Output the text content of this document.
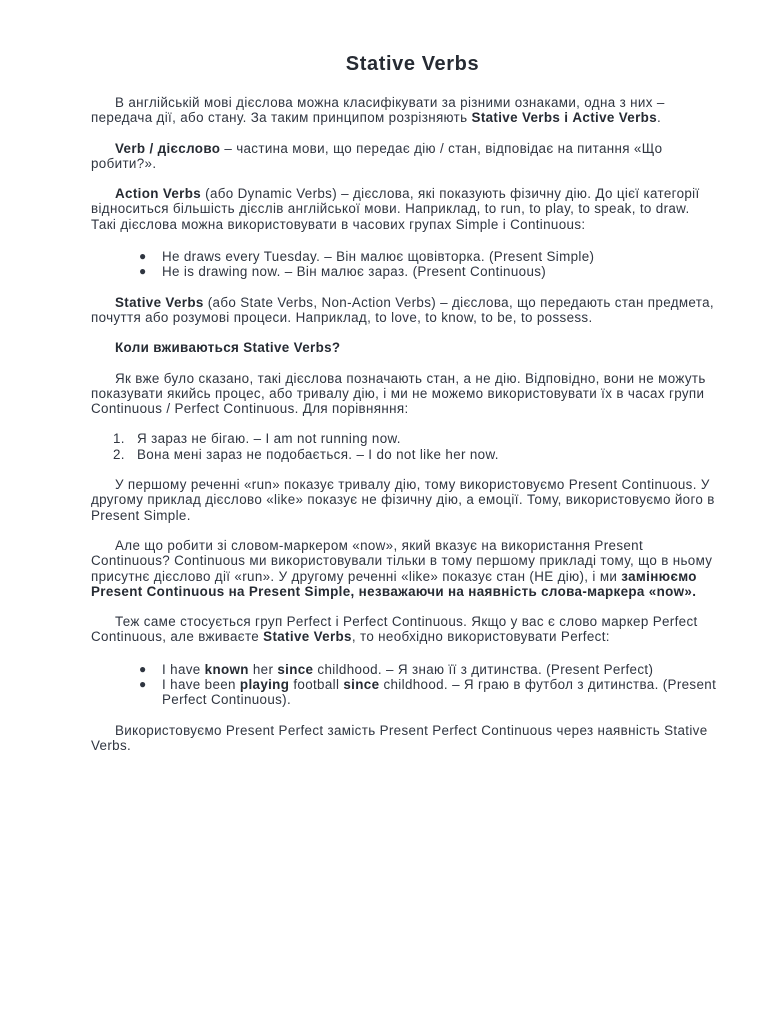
Stative Verbs

В англійській мові дієслова можна класифікувати за різними ознаками, одна з них – передача дії, або стану. За таким принципом розрізняють Stative Verbs і Active Verbs.

Verb / дієслово – частина мови, що передає дію / стан, відповідає на питання «Що робити?».

Action Verbs (або Dynamic Verbs) – дієслова, які показують фізичну дію. До цієї категорії відноситься більшість дієслів англійської мови. Наприклад, to run, to play, to speak, to draw. Такі дієслова можна використовувати в часових групах Simple і Continuous:

● He draws every Tuesday. – Він малює щовівторка. (Present Simple)
● He is drawing now. – Він малює зараз. (Present Continuous)

Stative Verbs (або State Verbs, Non-Action Verbs) – дієслова, що передають стан предмета, почуття або розумові процеси. Наприклад, to love, to know, to be, to possess.

Коли вживаються Stative Verbs?

Як вже було сказано, такі дієслова позначають стан, а не дію. Відповідно, вони не можуть показувати якийсь процес, або тривалу дію, і ми не можемо використовувати їх в часах групи Continuous / Perfect Continuous. Для порівняння:

1. Я зараз не бігаю. – I am not running now.
2. Вона мені зараз не подобається. – I do not like her now.

У першому реченні «run» показує тривалу дію, тому використовуємо Present Continuous. У другому приклад дієслово «like» показує не фізичну дію, а емоції. Тому, використовуємо його в Present Simple.

Але що робити зі словом-маркером «now», який вказує на використання Present Continuous? Continuous ми використовували тільки в тому першому прикладі тому, що в ньому присутнє дієслово дії «run». У другому реченні «like» показує стан (НЕ дію), і ми замінюємо Present Continuous на Present Simple, незважаючи на наявність слова-маркера «now».

Теж саме стосується груп Perfect і Perfect Continuous. Якщо у вас є слово маркер Perfect Continuous, але вживаєте Stative Verbs, то необхідно використовувати Perfect:

● I have known her since childhood. – Я знаю її з дитинства. (Present Perfect)
● I have been playing football since childhood. – Я граю в футбол з дитинства. (Present Perfect Continuous).

Використовуємо Present Perfect замість Present Perfect Continuous через наявність Stative Verbs.
